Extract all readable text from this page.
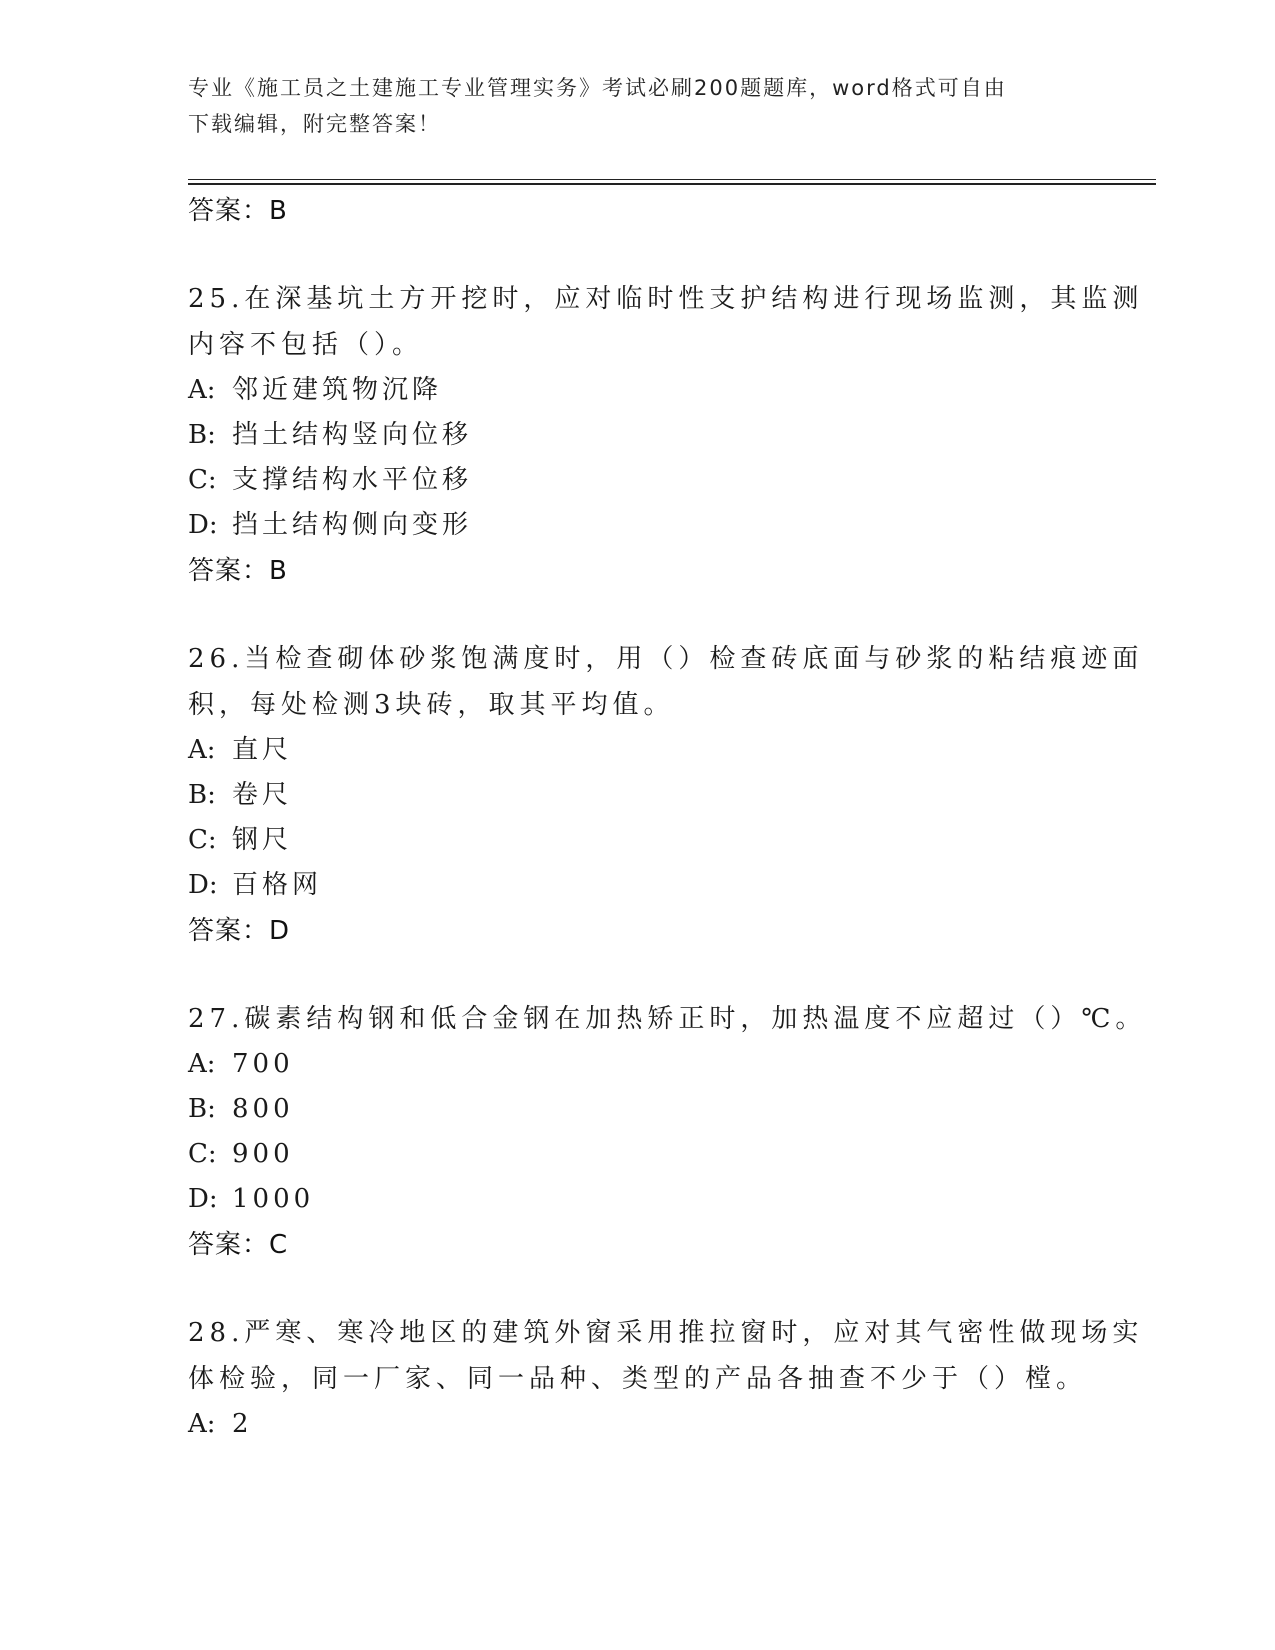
专业《施工员之土建施工专业管理实务》考试必刷200题题库，word格式可自由
下载编辑，附完整答案！
答案：B
25.在深基坑土方开挖时，应对临时性支护结构进行现场监测，其监测
内容不包括（）。
A: 邻近建筑物沉降
B: 挡土结构竖向位移
C: 支撑结构水平位移
D: 挡土结构侧向变形
答案：B
26.当检查砌体砂浆饱满度时，用（）检查砖底面与砂浆的粘结痕迹面
积，每处检测3块砖，取其平均值。
A: 直尺
B: 卷尺
C: 钢尺
D: 百格网
答案：D
27.碳素结构钢和低合金钢在加热矫正时，加热温度不应超过（）℃。
A: 700
B: 800
C: 900
D: 1000
答案：C
28.严寒、寒冷地区的建筑外窗采用推拉窗时，应对其气密性做现场实
体检验，同一厂家、同一品种、类型的产品各抽查不少于（）樘。
A: 2
